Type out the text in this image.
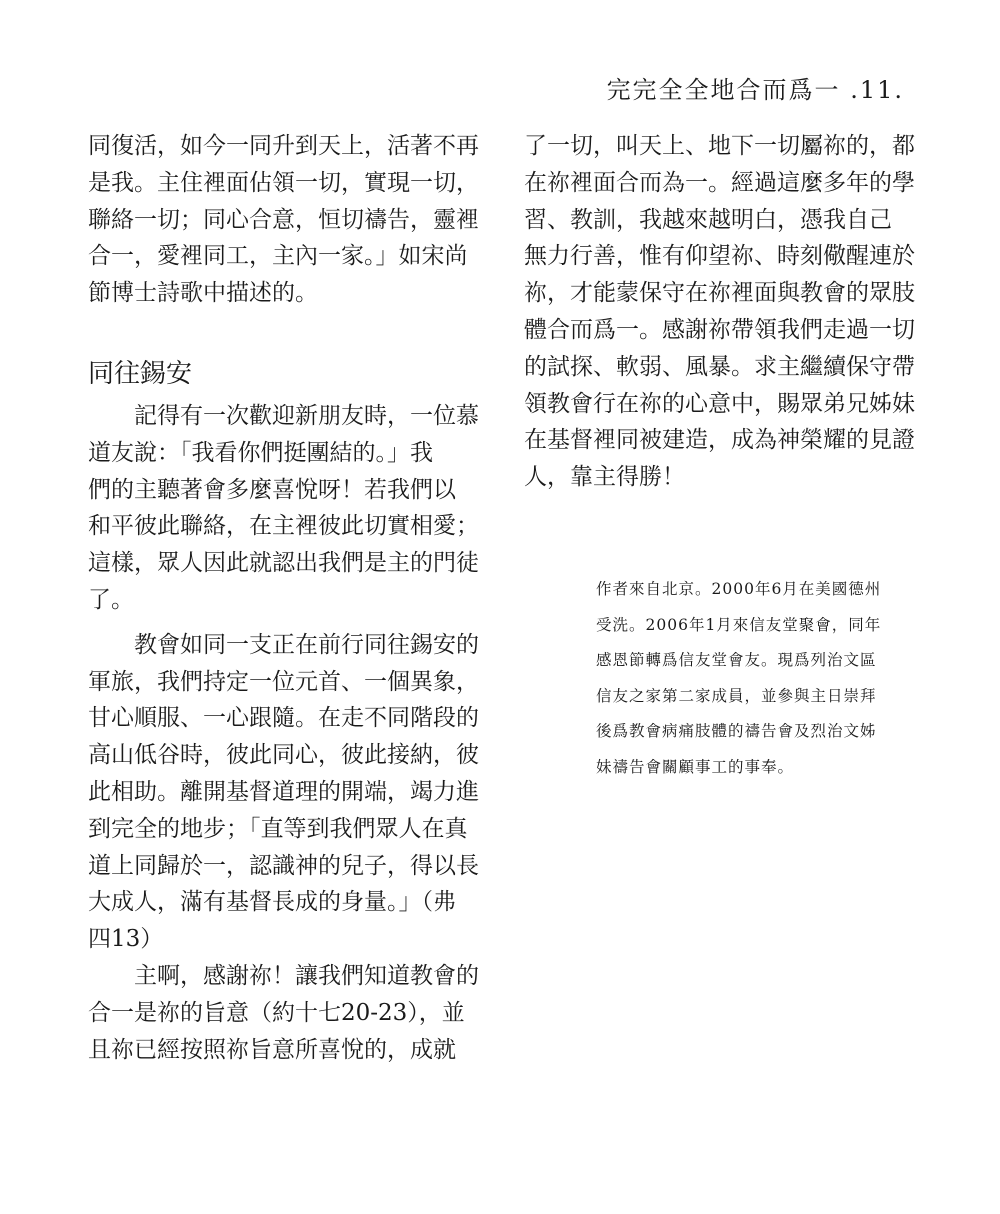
完完全全地合而爲一 .11.
同復活，如今一同升到天上，活著不再
是我。主住裡面佔領一切，實現一切，
聯絡一切；同心合意，恒切禱告，靈裡
合一，愛裡同工，主內一家。」如宋尚
節博士詩歌中描述的。
同往錫安
記得有一次歡迎新朋友時，一位慕
道友說：「我看你們挺團結的。」我
們的主聽著會多麼喜悅呀！若我們以
和平彼此聯絡，在主裡彼此切實相愛；
這樣，眾人因此就認出我們是主的門徒
了。
教會如同一支正在前行同往錫安的
軍旅，我們持定一位元首、一個異象，
甘心順服、一心跟隨。在走不同階段的
高山低谷時，彼此同心，彼此接納，彼
此相助。離開基督道理的開端，竭力進
到完全的地步；「直等到我們眾人在真
道上同歸於一，認識神的兒子，得以長
大成人，滿有基督長成的身量。」（弗
四13）
主啊，感謝祢！讓我們知道教會的
合一是祢的旨意（約十七20-23），並
且祢已經按照祢旨意所喜悅的，成就
了一切，叫天上、地下一切屬祢的，都
在祢裡面合而為一。經過這麼多年的學
習、教訓，我越來越明白，憑我自己
無力行善，惟有仰望祢、時刻儆醒連於
祢，才能蒙保守在祢裡面與教會的眾肢
體合而爲一。感謝祢帶領我們走過一切
的試探、軟弱、風暴。求主繼續保守帶
領教會行在祢的心意中，賜眾弟兄姊妹
在基督裡同被建造，成為神榮耀的見證
人，靠主得勝！
作者來自北京。2000年6月在美國德州
受洗。2006年1月來信友堂聚會，同年
感恩節轉爲信友堂會友。現爲列治文區
信友之家第二家成員，並參與主日崇拜
後爲教會病痛肢體的禱告會及烈治文姊
妹禱告會關顧事工的事奉。
